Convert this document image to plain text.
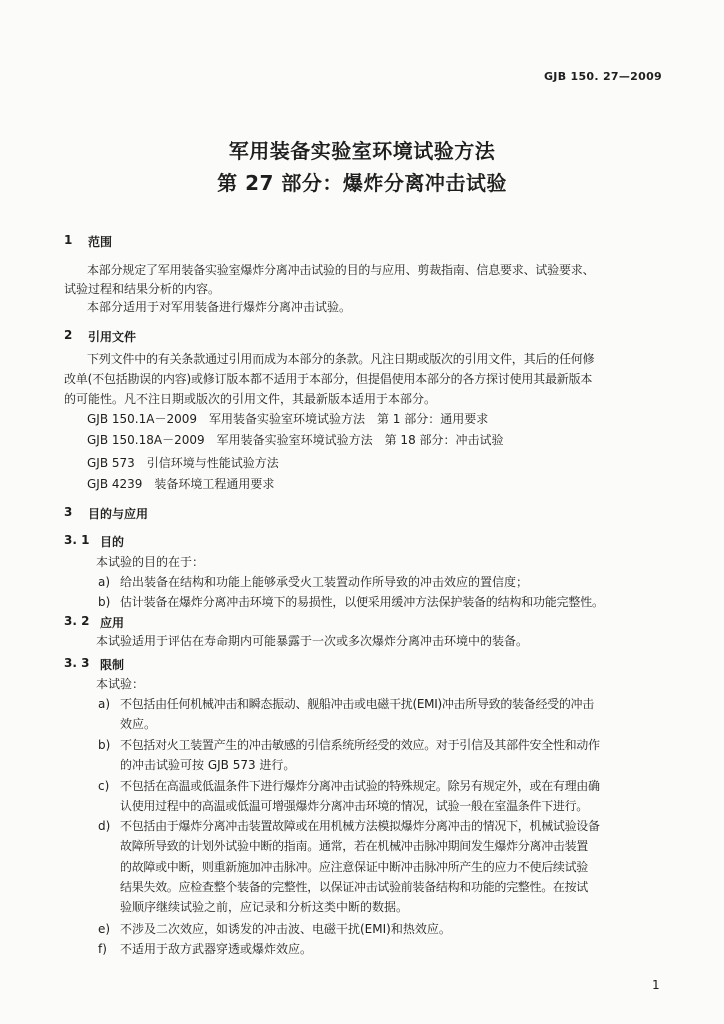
GJB 150. 27—2009
军用装备实验室环境试验方法
第 27 部分：爆炸分离冲击试验
1 范围
本部分规定了军用装备实验室爆炸分离冲击试验的目的与应用、剪裁指南、信息要求、试验要求、
试验过程和结果分析的内容。
本部分适用于对军用装备进行爆炸分离冲击试验。
2 引用文件
下列文件中的有关条款通过引用而成为本部分的条款。凡注日期或版次的引用文件，其后的任何修
改单(不包括勘误的内容)或修订版本都不适用于本部分，但提倡使用本部分的各方探讨使用其最新版本
的可能性。凡不注日期或版次的引用文件，其最新版本适用于本部分。
GJB 150.1A－2009　军用装备实验室环境试验方法　第 1 部分：通用要求
GJB 150.18A－2009　军用装备实验室环境试验方法　第 18 部分：冲击试验
GJB 573　引信环境与性能试验方法
GJB 4239　装备环境工程通用要求
3 目的与应用
3. 1 目的
本试验的目的在于：
a) 给出装备在结构和功能上能够承受火工装置动作所导致的冲击效应的置信度；
b) 估计装备在爆炸分离冲击环境下的易损性，以便采用缓冲方法保护装备的结构和功能完整性。
3. 2 应用
本试验适用于评估在寿命期内可能暴露于一次或多次爆炸分离冲击环境中的装备。
3. 3 限制
本试验：
a) 不包括由任何机械冲击和瞬态振动、舰船冲击或电磁干扰(EMI)冲击所导致的装备经受的冲击
效应。
b) 不包括对火工装置产生的冲击敏感的引信系统所经受的效应。对于引信及其部件安全性和动作
的冲击试验可按 GJB 573 进行。
c) 不包括在高温或低温条件下进行爆炸分离冲击试验的特殊规定。除另有规定外，或在有理由确
认使用过程中的高温或低温可增强爆炸分离冲击环境的情况，试验一般在室温条件下进行。
d) 不包括由于爆炸分离冲击装置故障或在用机械方法模拟爆炸分离冲击的情况下，机械试验设备
故障所导致的计划外试验中断的指南。通常，若在机械冲击脉冲期间发生爆炸分离冲击装置
的故障或中断，则重新施加冲击脉冲。应注意保证中断冲击脉冲所产生的应力不使后续试验
结果失效。应检查整个装备的完整性，以保证冲击试验前装备结构和功能的完整性。在按试
验顺序继续试验之前，应记录和分析这类中断的数据。
e) 不涉及二次效应，如诱发的冲击波、电磁干扰(EMI)和热效应。
f) 不适用于敌方武器穿透或爆炸效应。
1
